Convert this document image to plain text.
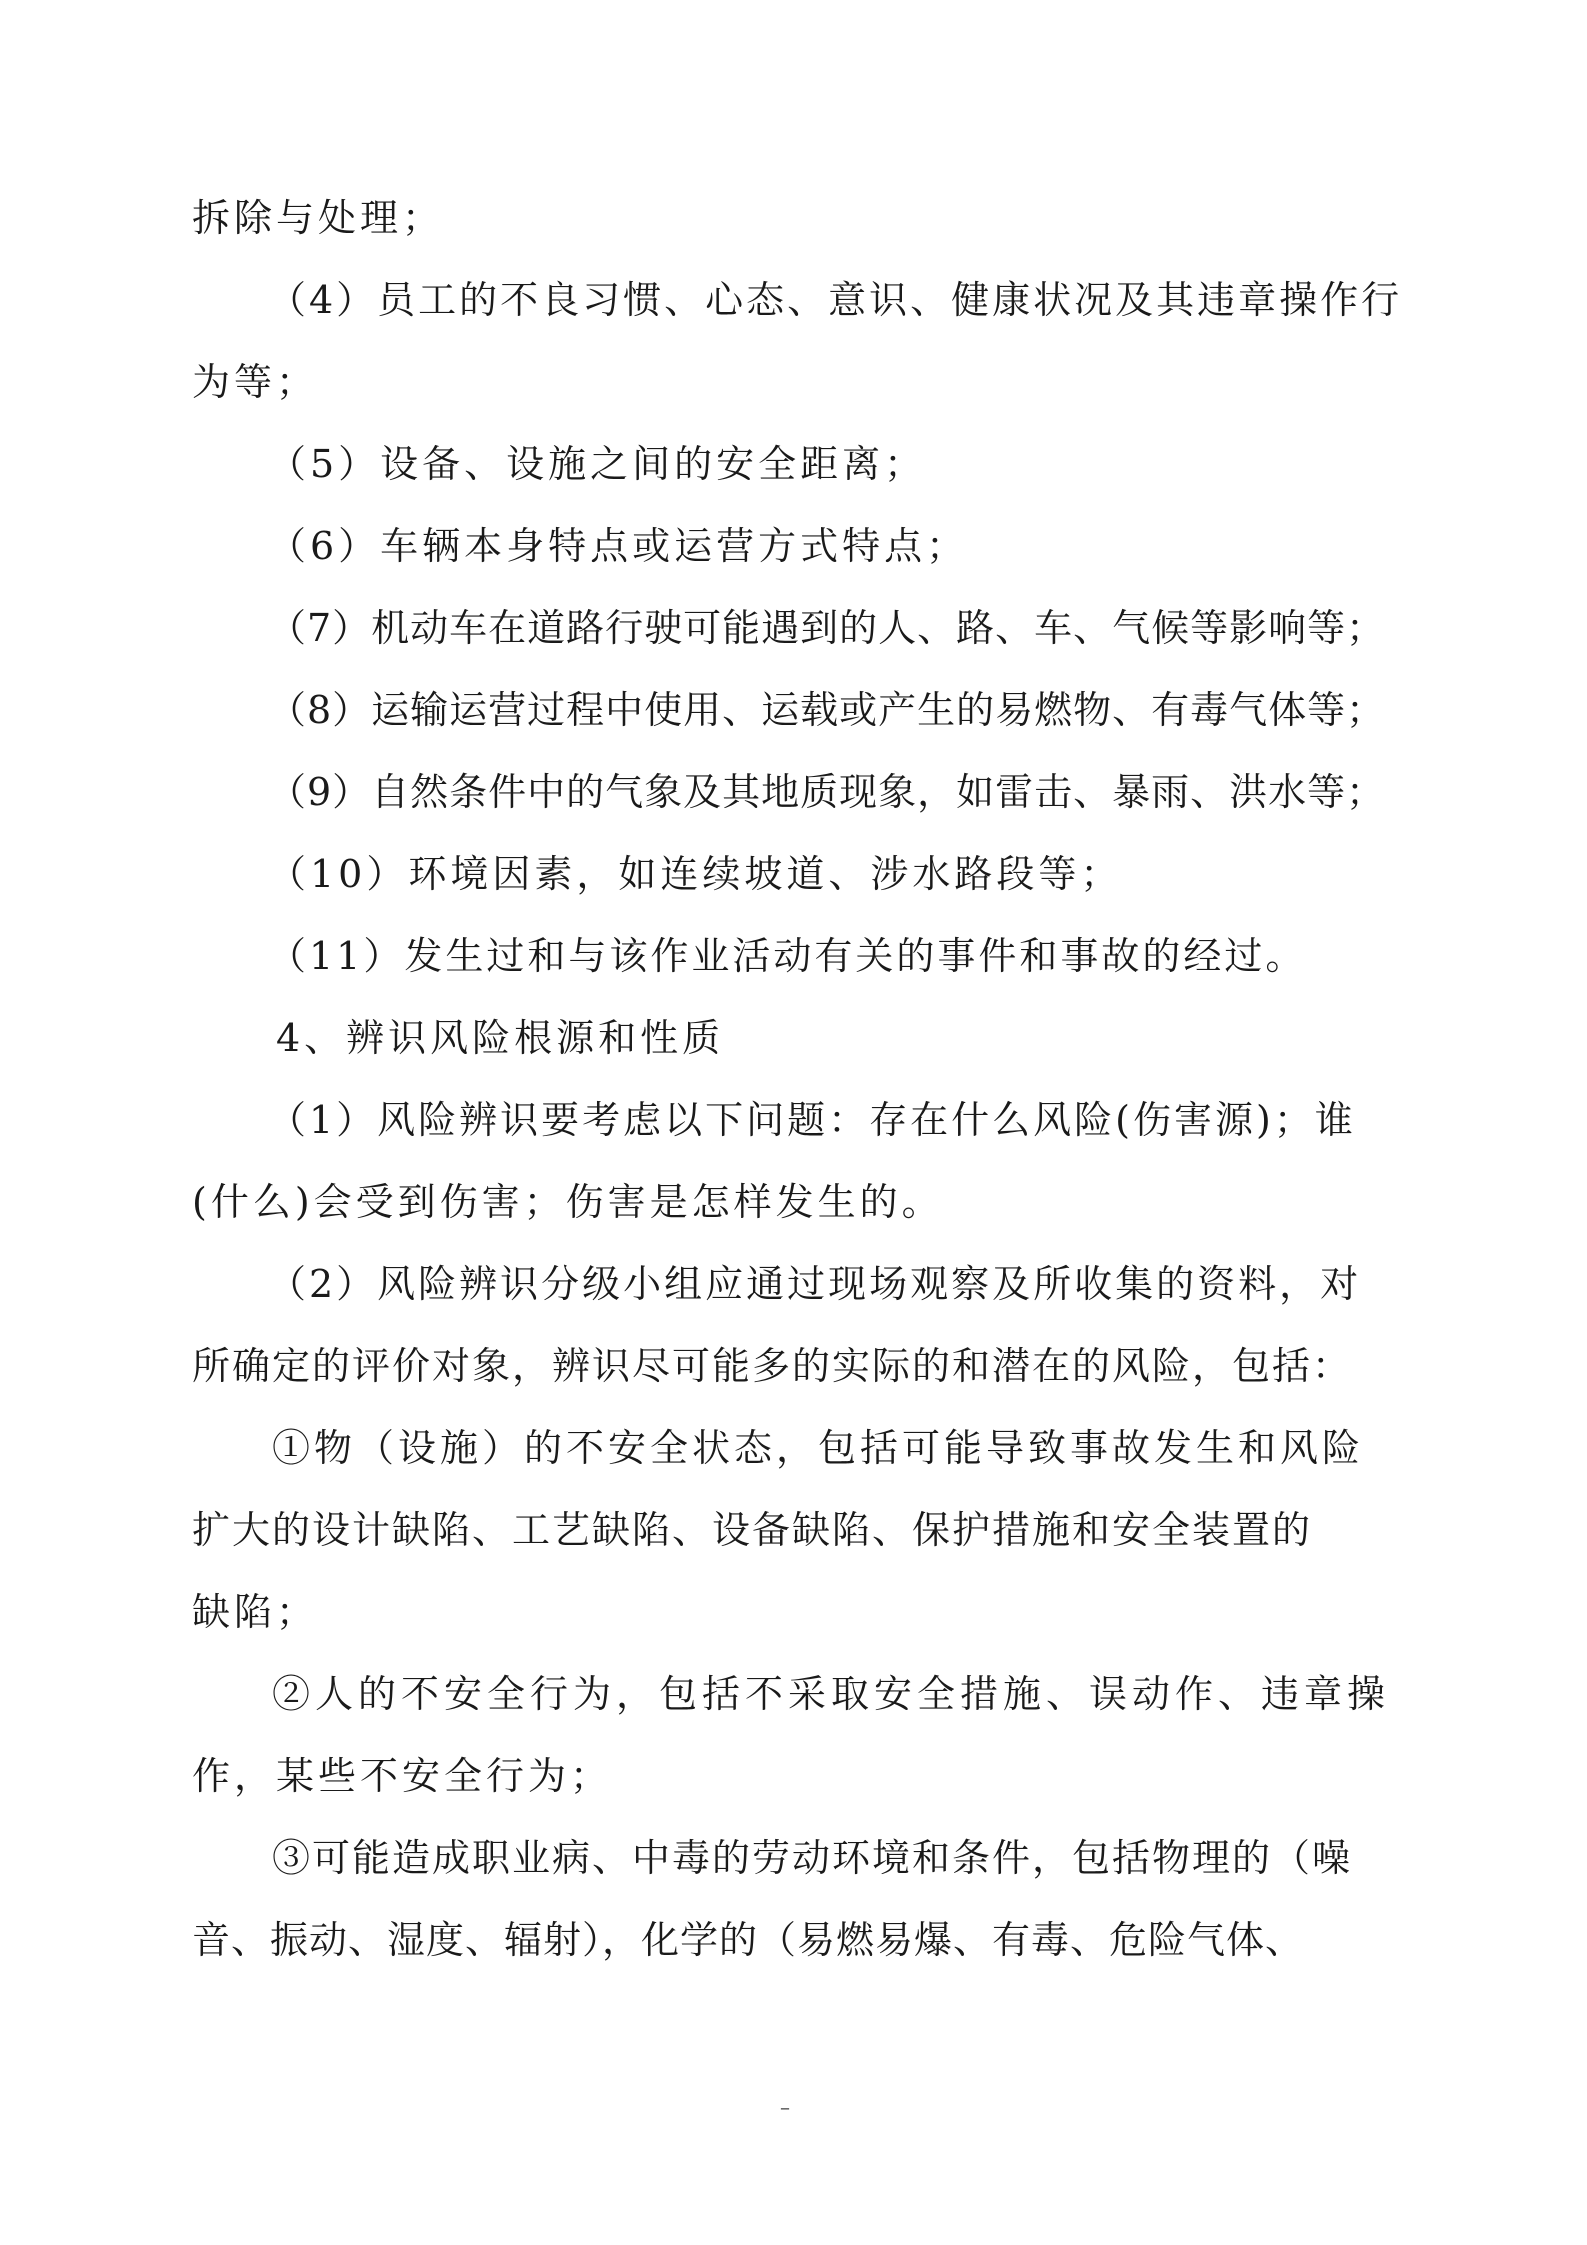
拆除与处理；
（4）员工的不良习惯、心态、意识、健康状况及其违章操作行
为等；
（5）设备、设施之间的安全距离；
（6）车辆本身特点或运营方式特点；
（7）机动车在道路行驶可能遇到的人、路、车、气候等影响等；
（8）运输运营过程中使用、运载或产生的易燃物、有毒气体等；
（9）自然条件中的气象及其地质现象，如雷击、暴雨、洪水等；
（10）环境因素，如连续坡道、涉水路段等；
（11）发生过和与该作业活动有关的事件和事故的经过。
4、辨识风险根源和性质
（1）风险辨识要考虑以下问题：存在什么风险(伤害源)；谁
(什么)会受到伤害；伤害是怎样发生的。
（2）风险辨识分级小组应通过现场观察及所收集的资料，对
所确定的评价对象，辨识尽可能多的实际的和潜在的风险，包括：
①物（设施）的不安全状态，包括可能导致事故发生和风险
扩大的设计缺陷、工艺缺陷、设备缺陷、保护措施和安全装置的
缺陷；
②人的不安全行为，包括不采取安全措施、误动作、违章操
作，某些不安全行为；
③可能造成职业病、中毒的劳动环境和条件，包括物理的（噪
音、振动、湿度、辐射），化学的（易燃易爆、有毒、危险气体、
–
